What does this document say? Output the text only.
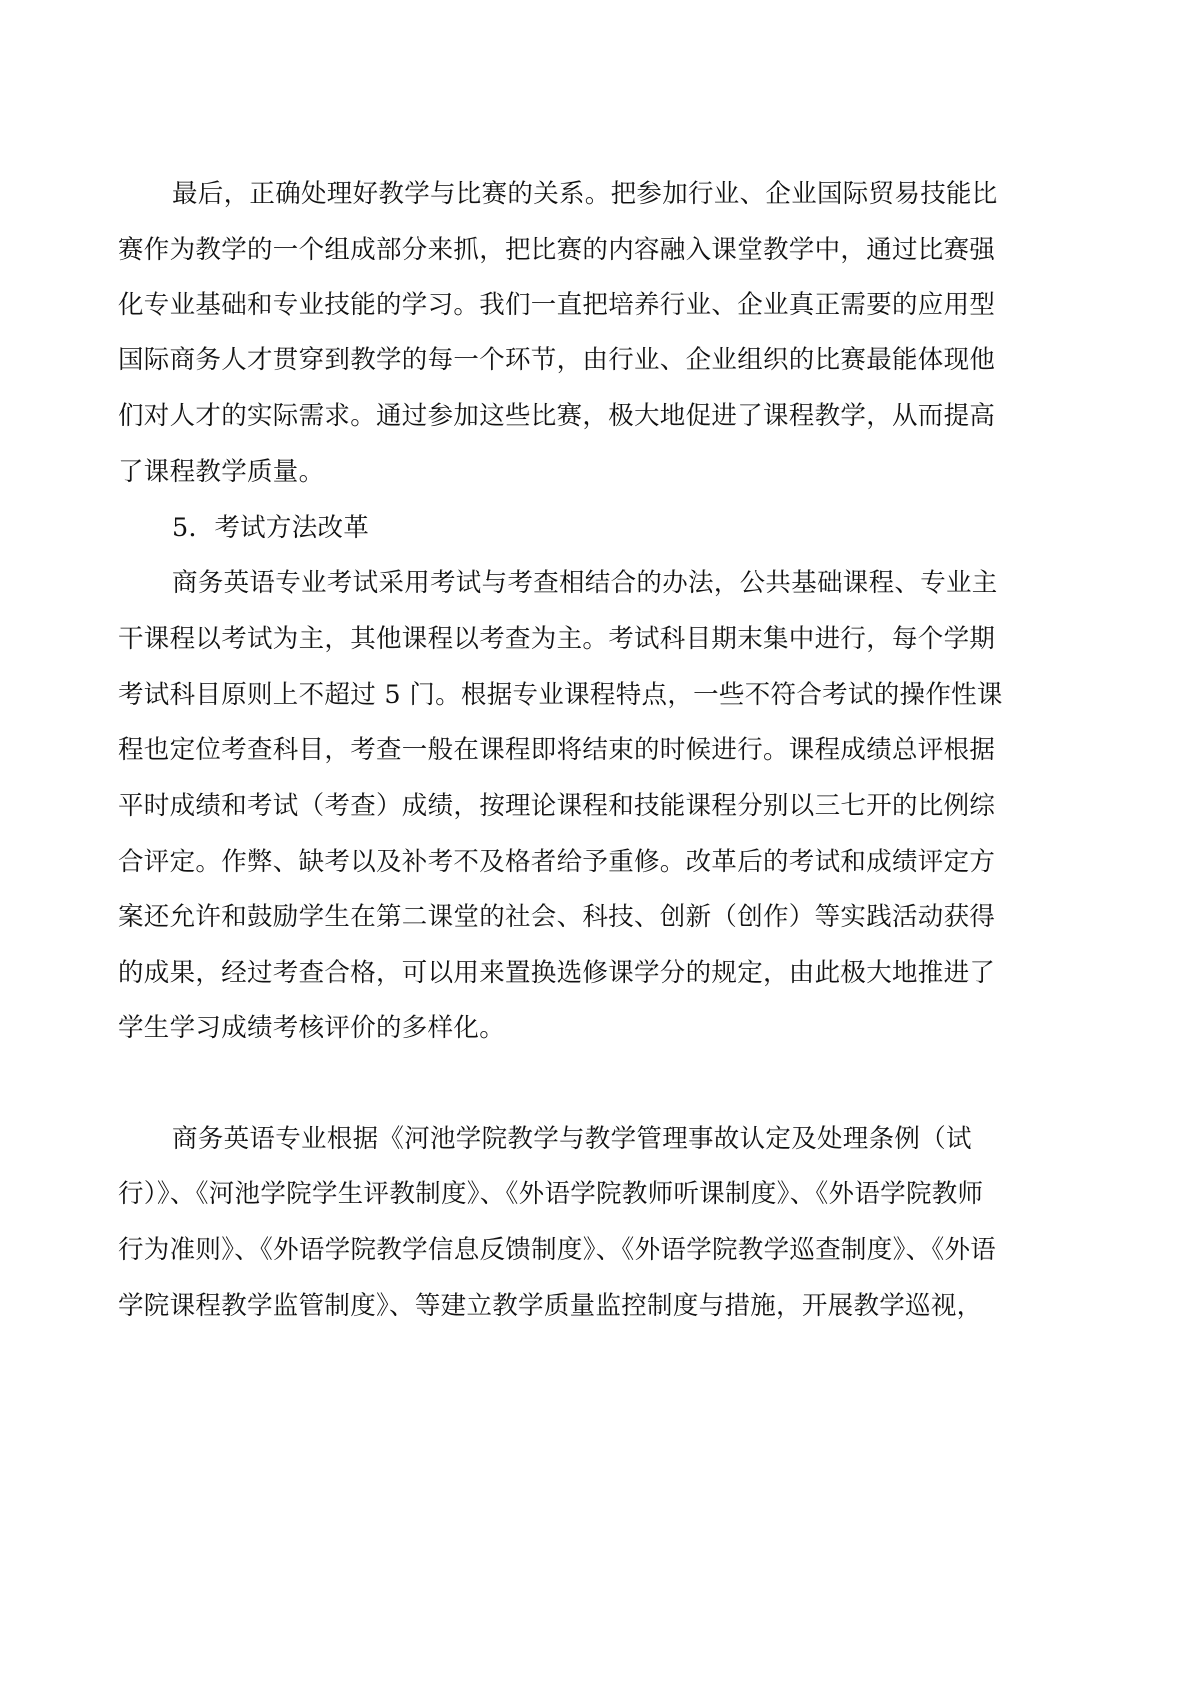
最后，正确处理好教学与比赛的关系。把参加行业、企业国际贸易技能比
赛作为教学的一个组成部分来抓，把比赛的内容融入课堂教学中，通过比赛强
化专业基础和专业技能的学习。我们一直把培养行业、企业真正需要的应用型
国际商务人才贯穿到教学的每一个环节，由行业、企业组织的比赛最能体现他
们对人才的实际需求。通过参加这些比赛，极大地促进了课程教学，从而提高
了课程教学质量。
5．考试方法改革
商务英语专业考试采用考试与考查相结合的办法，公共基础课程、专业主
干课程以考试为主，其他课程以考查为主。考试科目期末集中进行，每个学期
考试科目原则上不超过 5 门。根据专业课程特点，一些不符合考试的操作性课
程也定位考查科目，考查一般在课程即将结束的时候进行。课程成绩总评根据
平时成绩和考试（考查）成绩，按理论课程和技能课程分别以三七开的比例综
合评定。作弊、缺考以及补考不及格者给予重修。改革后的考试和成绩评定方
案还允许和鼓励学生在第二课堂的社会、科技、创新（创作）等实践活动获得
的成果，经过考查合格，可以用来置换选修课学分的规定，由此极大地推进了
学生学习成绩考核评价的多样化。
商务英语专业根据《河池学院教学与教学管理事故认定及处理条例（试
行）》、《河池学院学生评教制度》、《外语学院教师听课制度》、《外语学院教师
行为准则》、《外语学院教学信息反馈制度》、《外语学院教学巡查制度》、《外语
学院课程教学监管制度》、等建立教学质量监控制度与措施，开展教学巡视，
